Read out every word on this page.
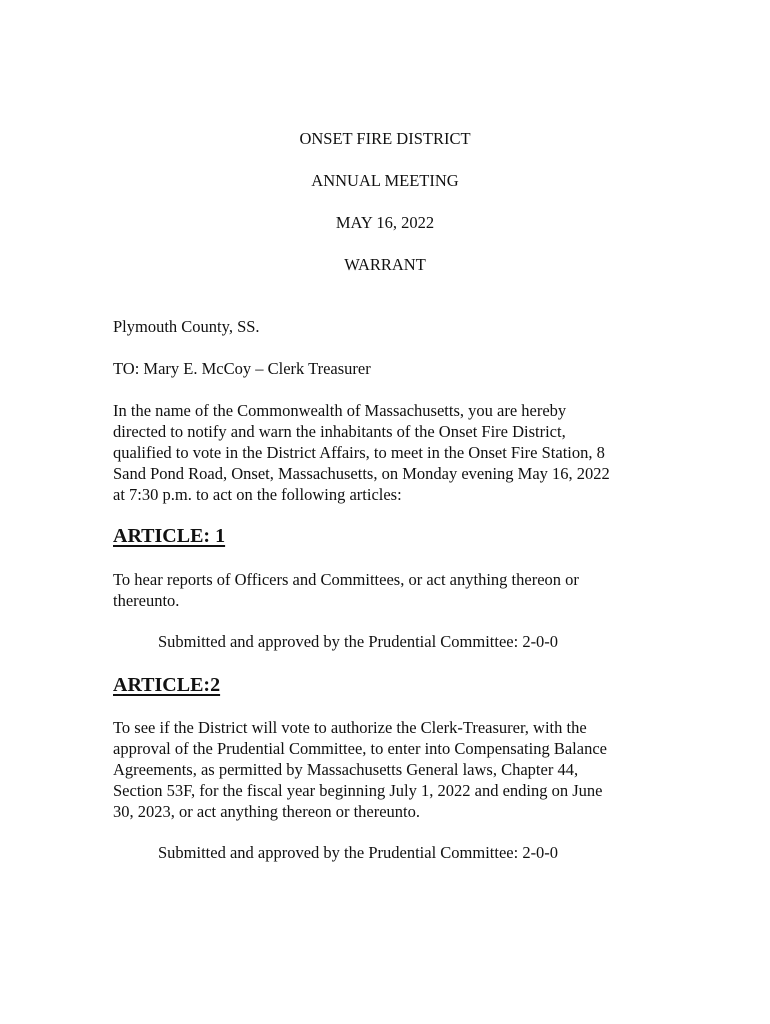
ONSET FIRE DISTRICT
ANNUAL MEETING
MAY 16, 2022
WARRANT
Plymouth County, SS.
TO: Mary E. McCoy – Clerk Treasurer
In the name of the Commonwealth of Massachusetts, you are hereby
directed to notify and warn the inhabitants of the Onset Fire District,
qualified to vote in the District Affairs, to meet in the Onset Fire Station, 8
Sand Pond Road, Onset, Massachusetts, on Monday evening May 16, 2022
at 7:30 p.m. to act on the following articles:
ARTICLE: 1
To hear reports of Officers and Committees, or act anything thereon or
thereunto.
Submitted and approved by the Prudential Committee: 2-0-0
ARTICLE:2
To see if the District will vote to authorize the Clerk-Treasurer, with the
approval of the Prudential Committee, to enter into Compensating Balance
Agreements, as permitted by Massachusetts General laws, Chapter 44,
Section 53F, for the fiscal year beginning July 1, 2022 and ending on June
30, 2023, or act anything thereon or thereunto.
Submitted and approved by the Prudential Committee: 2-0-0
